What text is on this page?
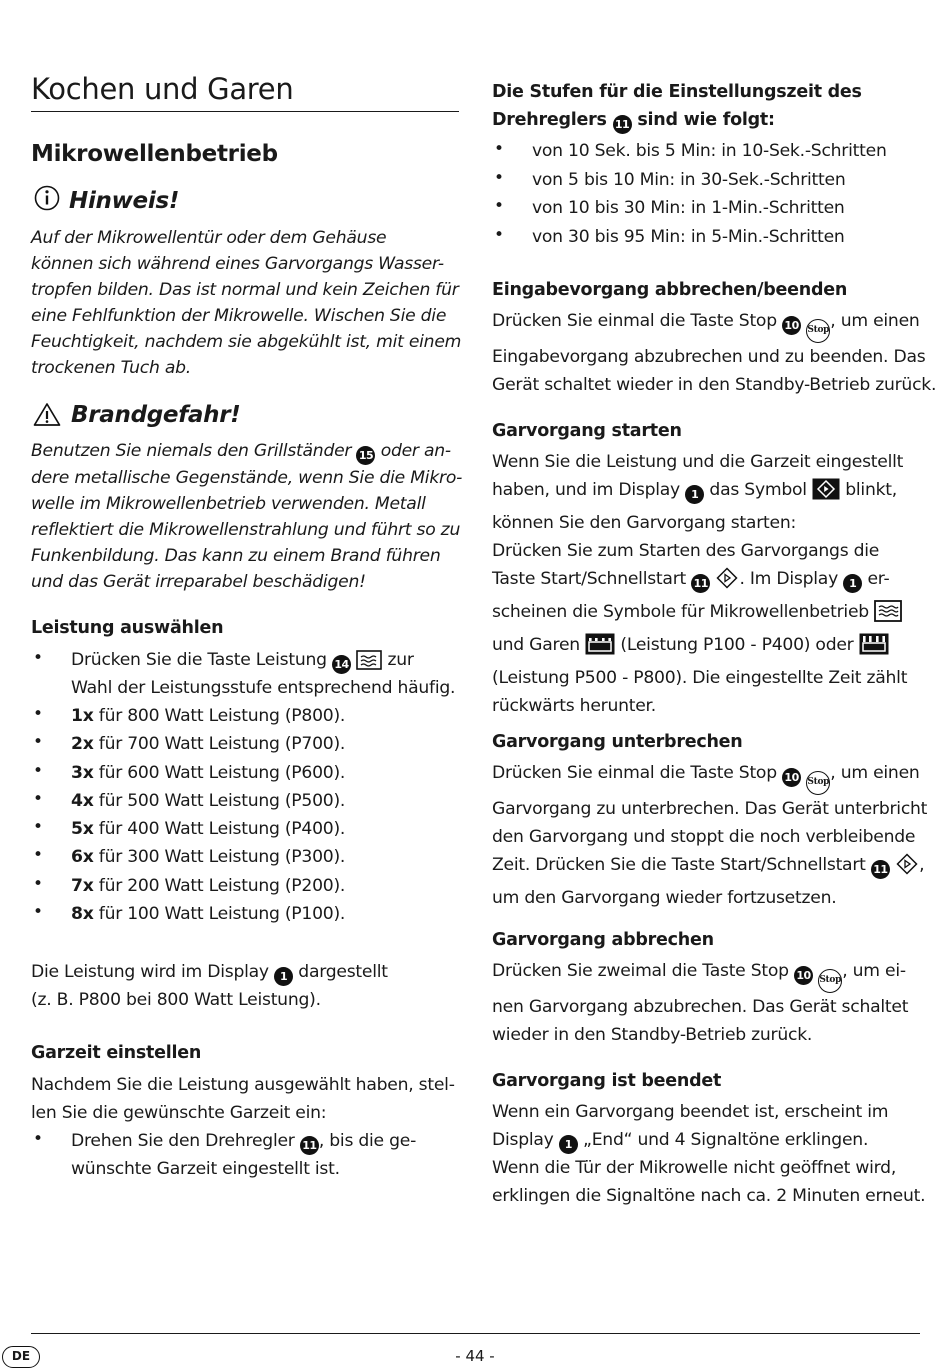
Kochen und Garen
Mikrowellenbetrieb
Hinweis!
Auf der Mikrowellentür oder dem Gehäuse
können sich während eines Garvorgangs Wasser-
tropfen bilden. Das ist normal und kein Zeichen für
eine Fehlfunktion der Mikrowelle. Wischen Sie die
Feuchtigkeit, nachdem sie abgekühlt ist, mit einem
trockenen Tuch ab.
Brandgefahr!
Benutzen Sie niemals den Grillständer 15 oder an-
dere metallische Gegenstände, wenn Sie die Mikro-
welle im Mikrowellenbetrieb verwenden. Metall
reflektiert die Mikrowellenstrahlung und führt so zu
Funkenbildung. Das kann zu einem Brand führen
und das Gerät irreparabel beschädigen!
Leistung auswählen
• Drücken Sie die Taste Leistung 14 zur
Wahl der Leistungsstufe entsprechend häufig.
• 1x für 800 Watt Leistung (P800).
• 2x für 700 Watt Leistung (P700).
• 3x für 600 Watt Leistung (P600).
• 4x für 500 Watt Leistung (P500).
• 5x für 400 Watt Leistung (P400).
• 6x für 300 Watt Leistung (P300).
• 7x für 200 Watt Leistung (P200).
• 8x für 100 Watt Leistung (P100).
Die Leistung wird im Display 1 dargestellt
(z. B. P800 bei 800 Watt Leistung).
Garzeit einstellen
Nachdem Sie die Leistung ausgewählt haben, stel-
len Sie die gewünschte Garzeit ein:
• Drehen Sie den Drehregler 11 , bis die ge-
wünschte Garzeit eingestellt ist.
Die Stufen für die Einstellungszeit des
Drehreglers 11 sind wie folgt:
• von 10 Sek. bis 5 Min: in 10-Sek.-Schritten
• von 5 bis 10 Min: in 30-Sek.-Schritten
• von 10 bis 30 Min: in 1-Min.-Schritten
• von 30 bis 95 Min: in 5-Min.-Schritten
Eingabevorgang abbrechen/beenden
Drücken Sie einmal die Taste Stop 10 Stop, um einen
Eingabevorgang abzubrechen und zu beenden. Das
Gerät schaltet wieder in den Standby-Betrieb zurück.
Garvorgang starten
Wenn Sie die Leistung und die Garzeit eingestellt
haben, und im Display 1 das Symbol blinkt,
können Sie den Garvorgang starten:
Drücken Sie zum Starten des Garvorgangs die
Taste Start/Schnellstart 11 . Im Display 1 er-
scheinen die Symbole für Mikrowellenbetrieb
und Garen (Leistung P100 - P400) oder
(Leistung P500 - P800). Die eingestellte Zeit zählt
rückwärts herunter.
Garvorgang unterbrechen
Drücken Sie einmal die Taste Stop 10 Stop, um einen
Garvorgang zu unterbrechen. Das Gerät unterbricht
den Garvorgang und stoppt die noch verbleibende
Zeit. Drücken Sie die Taste Start/Schnellstart 11 ,
um den Garvorgang wieder fortzusetzen.
Garvorgang abbrechen
Drücken Sie zweimal die Taste Stop 10 Stop, um ei-
nen Garvorgang abzubrechen. Das Gerät schaltet
wieder in den Standby-Betrieb zurück.
Garvorgang ist beendet
Wenn ein Garvorgang beendet ist, erscheint im
Display 1 „End“ und 4 Signaltöne erklingen.
Wenn die Tür der Mikrowelle nicht geöffnet wird,
erklingen die Signaltöne nach ca. 2 Minuten erneut.
DE	- 44 -
